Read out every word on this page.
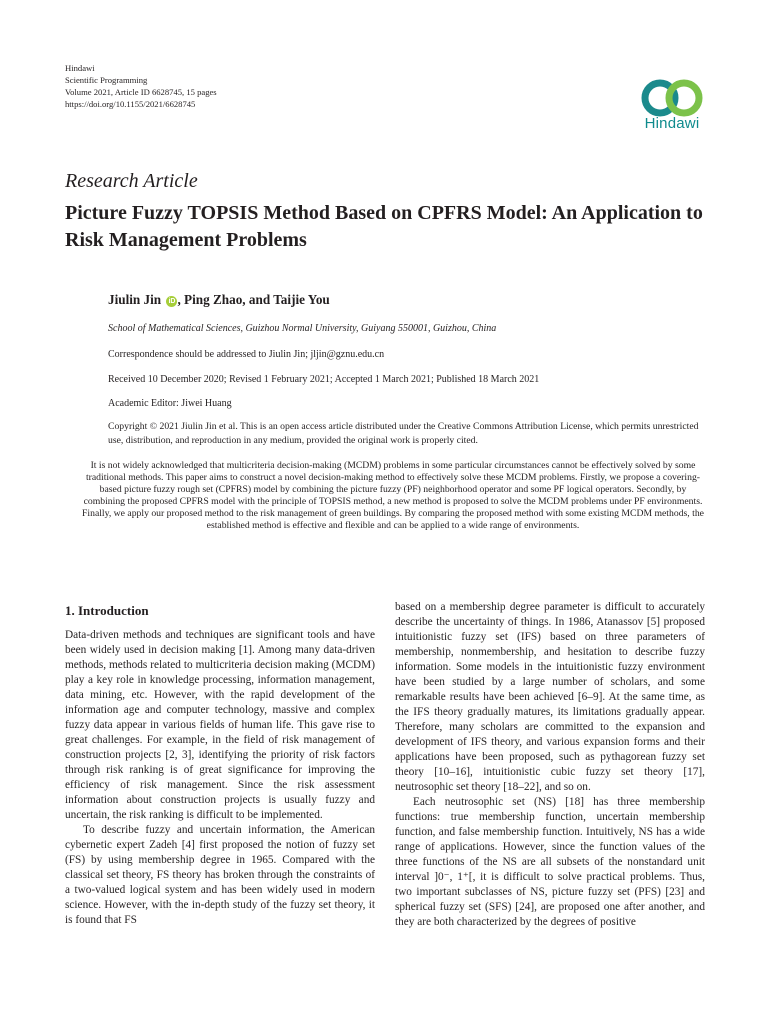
Hindawi
Scientific Programming
Volume 2021, Article ID 6628745, 15 pages
https://doi.org/10.1155/2021/6628745
Hindawi
Research Article
Picture Fuzzy TOPSIS Method Based on CPFRS Model: An Application to Risk Management Problems
Jiulin Jin iD , Ping Zhao, and Taijie You
School of Mathematical Sciences, Guizhou Normal University, Guiyang 550001, Guizhou, China
Correspondence should be addressed to Jiulin Jin; jljin@gznu.edu.cn
Received 10 December 2020; Revised 1 February 2021; Accepted 1 March 2021; Published 18 March 2021
Academic Editor: Jiwei Huang
Copyright © 2021 Jiulin Jin et al. This is an open access article distributed under the Creative Commons Attribution License, which permits unrestricted use, distribution, and reproduction in any medium, provided the original work is properly cited.
It is not widely acknowledged that multicriteria decision-making (MCDM) problems in some particular circumstances cannot be effectively solved by some traditional methods. This paper aims to construct a novel decision-making method to effectively solve these MCDM problems. Firstly, we propose a covering-based picture fuzzy rough set (CPFRS) model by combining the picture fuzzy (PF) neighborhood operator and some PF logical operators. Secondly, by combining the proposed CPFRS model with the principle of TOPSIS method, a new method is proposed to solve the MCDM problems under PF environments. Finally, we apply our proposed method to the risk management of green buildings. By comparing the proposed method with some existing MCDM methods, the established method is effective and flexible and can be applied to a wide range of environments.
1. Introduction

Data-driven methods and techniques are significant tools and have been widely used in decision making [1]. Among many data-driven methods, methods related to multicriteria decision making (MCDM) play a key role in knowledge processing, information management, data mining, etc. However, with the rapid development of the information age and computer technology, massive and complex fuzzy data appear in various fields of human life. This gave rise to great challenges. For example, in the field of risk management of construction projects [2, 3], identifying the priority of risk factors through risk ranking is of great significance for improving the efficiency of risk management. Since the risk assessment information about construction projects is usually fuzzy and uncertain, the risk ranking is difficult to be implemented.

To describe fuzzy and uncertain information, the American cybernetic expert Zadeh [4] first proposed the notion of fuzzy set (FS) by using membership degree in 1965. Compared with the classical set theory, FS theory has broken through the constraints of a two-valued logical system and has been widely used in modern science. However, with the in-depth study of the fuzzy set theory, it is found that FS

based on a membership degree parameter is difficult to accurately describe the uncertainty of things. In 1986, Atanassov [5] proposed intuitionistic fuzzy set (IFS) based on three parameters of membership, nonmembership, and hesitation to describe fuzzy information. Some models in the intuitionistic fuzzy environment have been studied by a large number of scholars, and some remarkable results have been achieved [6–9]. At the same time, as the IFS theory gradually matures, its limitations gradually appear. Therefore, many scholars are committed to the expansion and development of IFS theory, and various expansion forms and their applications have been proposed, such as pythagorean fuzzy set theory [10–16], intuitionistic cubic fuzzy set theory [17], neutrosophic set theory [18–22], and so on.

Each neutrosophic set (NS) [18] has three membership functions: true membership function, uncertain membership function, and false membership function. Intuitively, NS has a wide range of applications. However, since the function values of the three functions of the NS are all subsets of the nonstandard unit interval ]0⁻, 1⁺[, it is difficult to solve practical problems. Thus, two important subclasses of NS, picture fuzzy set (PFS) [23] and spherical fuzzy set (SFS) [24], are proposed one after another, and they are both characterized by the degrees of positive
